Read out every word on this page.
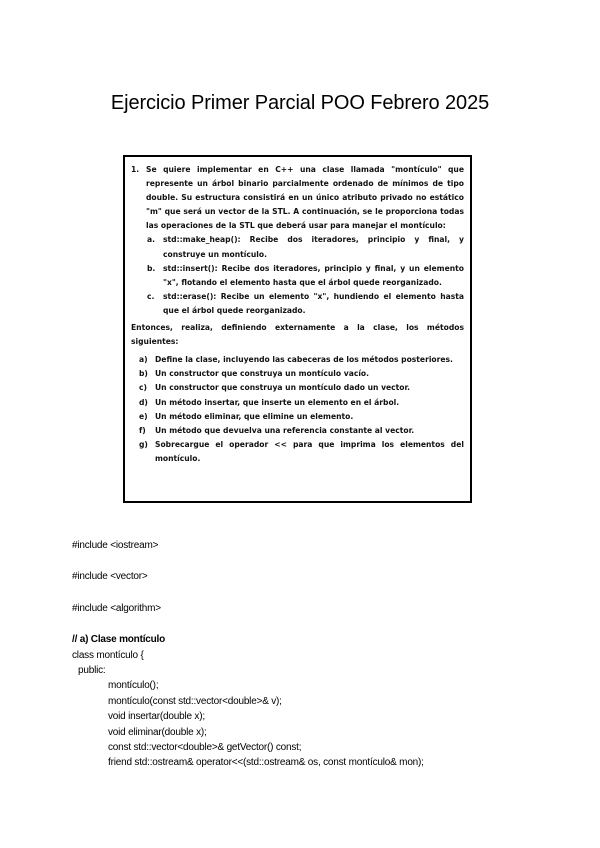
Ejercicio Primer Parcial POO Febrero 2025
1. Se quiere implementar en C++ una clase llamada "montículo" que represente un árbol binario parcialmente ordenado de mínimos de tipo double. Su estructura consistirá en un único atributo privado no estático "m" que será un vector de la STL. A continuación, se le proporciona todas las operaciones de la STL que deberá usar para manejar el montículo:
a.	std::make_heap(): Recibe dos iteradores, principio y final, y construye un montículo.
b.	std::insert(): Recibe dos iteradores, principio y final, y un elemento "x", flotando el elemento hasta que el árbol quede reorganizado.
c.	std::erase(): Recibe un elemento "x", hundiendo el elemento hasta que el árbol quede reorganizado.
Entonces, realiza, definiendo externamente a la clase, los métodos siguientes:
a) Define la clase, incluyendo las cabeceras de los métodos posteriores.
b) Un constructor que construya un montículo vacío.
c)	Un constructor que construya un montículo dado un vector.
d) Un método insertar, que inserte un elemento en el árbol.
e) Un método eliminar, que elimine un elemento.
f)	Un método que devuelva una referencia constante al vector.
g) Sobrecargue el operador << para que imprima los elementos del montículo.
#include <iostream>
#include <vector>
#include <algorithm>
// a) Clase montículo
class montículo {
public:
montículo();
montículo(const std::vector<double>& v);
void insertar(double x);
void eliminar(double x);
const std::vector<double>& getVector() const;
friend std::ostream& operator<<(std::ostream& os, const montículo& mon);
